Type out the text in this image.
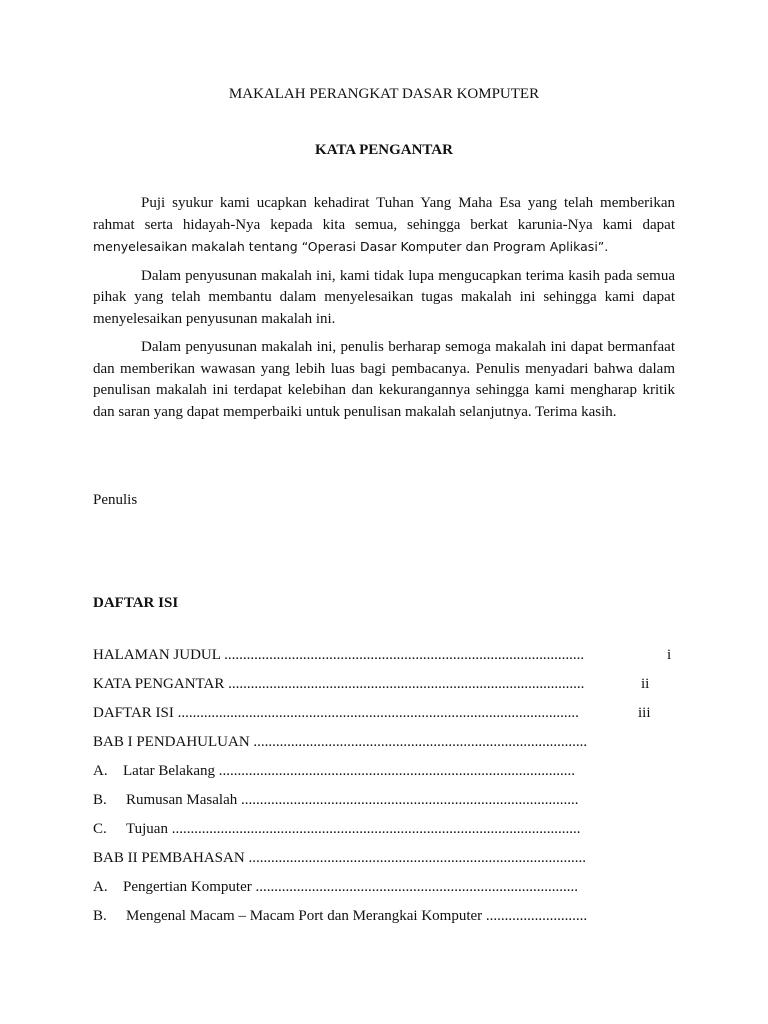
MAKALAH PERANGKAT DASAR KOMPUTER
KATA PENGANTAR

Puji syukur kami ucapkan kehadirat Tuhan Yang Maha Esa yang telah memberikan rahmat serta hidayah-Nya kepada kita semua, sehingga berkat karunia-Nya kami dapat menyelesaikan makalah tentang “Operasi Dasar Komputer dan Program Aplikasi”.

Dalam penyusunan makalah ini, kami tidak lupa mengucapkan terima kasih pada semua pihak yang telah membantu dalam menyelesaikan tugas makalah ini sehingga kami dapat menyelesaikan penyusunan makalah ini.

Dalam penyusunan makalah ini, penulis berharap semoga makalah ini dapat bermanfaat dan memberikan wawasan yang lebih luas bagi pembacanya. Penulis menyadari bahwa dalam penulisan makalah ini terdapat kelebihan dan kekurangannya sehingga kami mengharap kritik dan saran yang dapat memperbaiki untuk penulisan makalah selanjutnya. Terima kasih.

Penulis
DAFTAR ISI
HALAMAN JUDUL ................................................................................................	i
KATA PENGANTAR ...............................................................................................	ii
DAFTAR ISI ...........................................................................................................	iii
BAB I PENDAHULUAN .........................................................................................
A. Latar Belakang ...............................................................................................
B. Rumusan Masalah ..........................................................................................
C. Tujuan .............................................................................................................
BAB II PEMBAHASAN ..........................................................................................
A. Pengertian Komputer ......................................................................................
B. Mengenal Macam – Macam Port dan Merangkai Komputer ...........................
